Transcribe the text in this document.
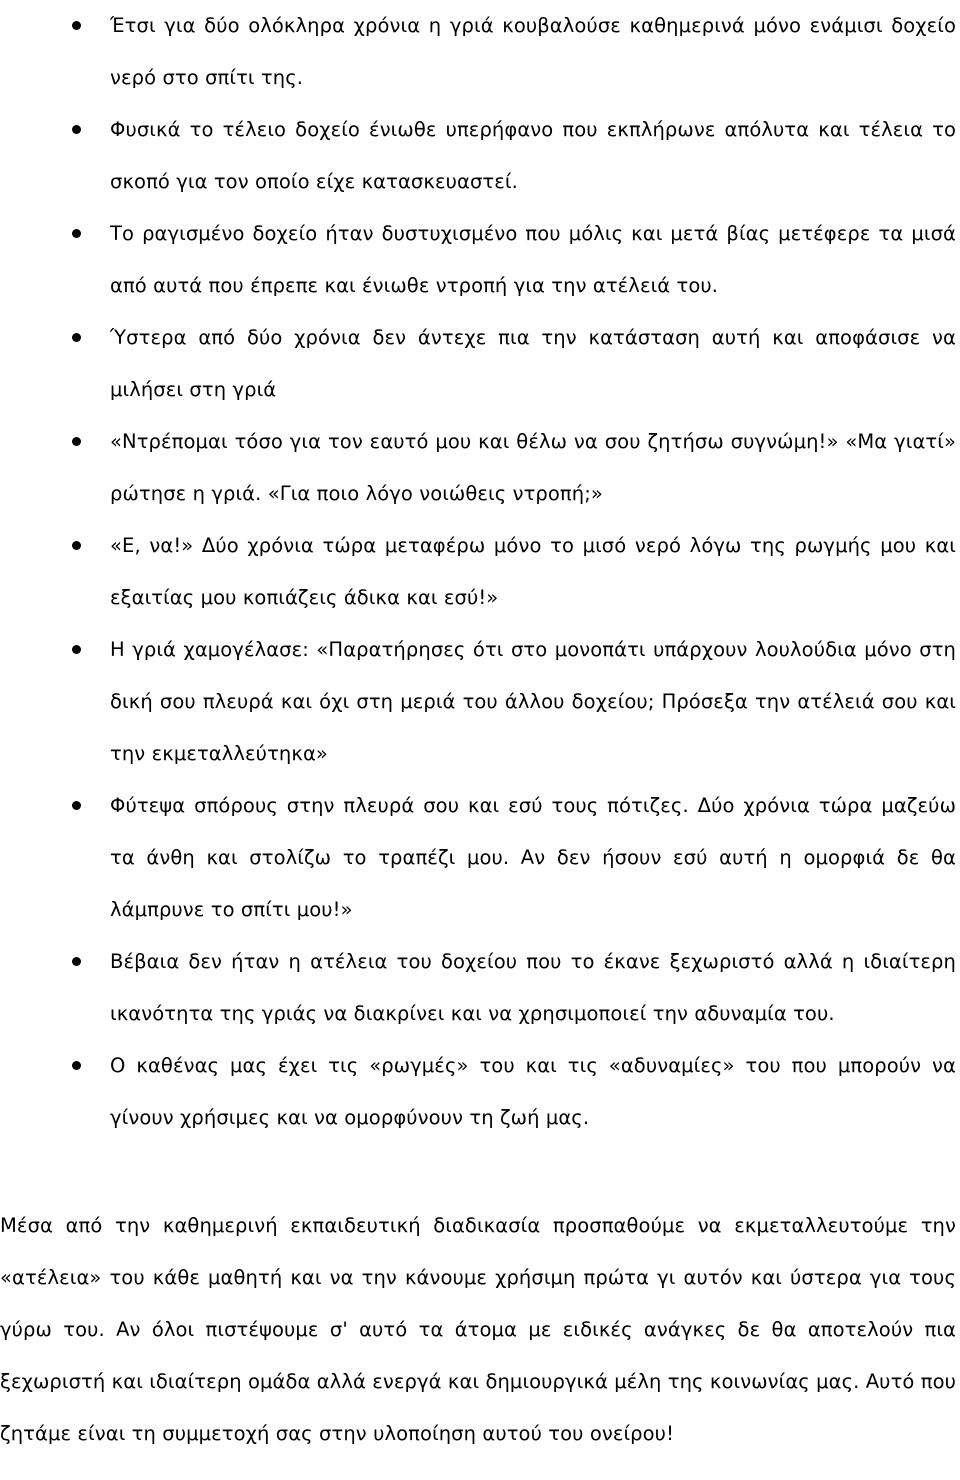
Έτσι για δύο ολόκληρα χρόνια η γριά κουβαλούσε καθημερινά μόνο ενάμισι δοχείο νερό στο σπίτι της.
Φυσικά το τέλειο δοχείο ένιωθε υπερήφανο που εκπλήρωνε απόλυτα και τέλεια το σκοπό για τον οποίο είχε κατασκευαστεί.
Το ραγισμένο δοχείο ήταν δυστυχισμένο που μόλις και μετά βίας μετέφερε τα μισά από αυτά που έπρεπε και ένιωθε ντροπή για την ατέλειά του.
Ύστερα από δύο χρόνια δεν άντεχε πια την κατάσταση αυτή και αποφάσισε να μιλήσει στη γριά
«Ντρέπομαι τόσο για τον εαυτό μου και θέλω να σου ζητήσω συγνώμη!» «Μα γιατί» ρώτησε η γριά. «Για ποιο λόγο νοιώθεις ντροπή;»
«Ε, να!» Δύο χρόνια τώρα μεταφέρω μόνο το μισό νερό λόγω της ρωγμής μου και εξαιτίας μου κοπιάζεις άδικα και εσύ!»
Η γριά χαμογέλασε: «Παρατήρησες ότι στο μονοπάτι υπάρχουν λουλούδια μόνο στη δική σου πλευρά και όχι στη μεριά του άλλου δοχείου; Πρόσεξα την ατέλειά σου και την εκμεταλλεύτηκα»
Φύτεψα σπόρους στην πλευρά σου και εσύ τους πότιζες. Δύο χρόνια τώρα μαζεύω τα άνθη και στολίζω το τραπέζι μου. Αν δεν ήσουν εσύ αυτή η ομορφιά δε θα λάμπρυνε το σπίτι μου!»
Βέβαια δεν ήταν η ατέλεια του δοχείου που το έκανε ξεχωριστό αλλά η ιδιαίτερη ικανότητα της γριάς να διακρίνει και να χρησιμοποιεί την αδυναμία του.
Ο καθένας μας έχει τις «ρωγμές» του και τις «αδυναμίες» του που μπορούν να γίνουν χρήσιμες και να ομορφύνουν τη ζωή μας.

Μέσα από την καθημερινή εκπαιδευτική διαδικασία προσπαθούμε να εκμεταλλευτούμε την «ατέλεια» του κάθε μαθητή και να την κάνουμε χρήσιμη πρώτα γι αυτόν και ύστερα για τους γύρω του. Αν όλοι πιστέψουμε σ' αυτό τα άτομα με ειδικές ανάγκες δε θα αποτελούν πια ξεχωριστή και ιδιαίτερη ομάδα αλλά ενεργά και δημιουργικά μέλη της κοινωνίας μας. Αυτό που ζητάμε είναι τη συμμετοχή σας στην υλοποίηση αυτού του ονείρου!
